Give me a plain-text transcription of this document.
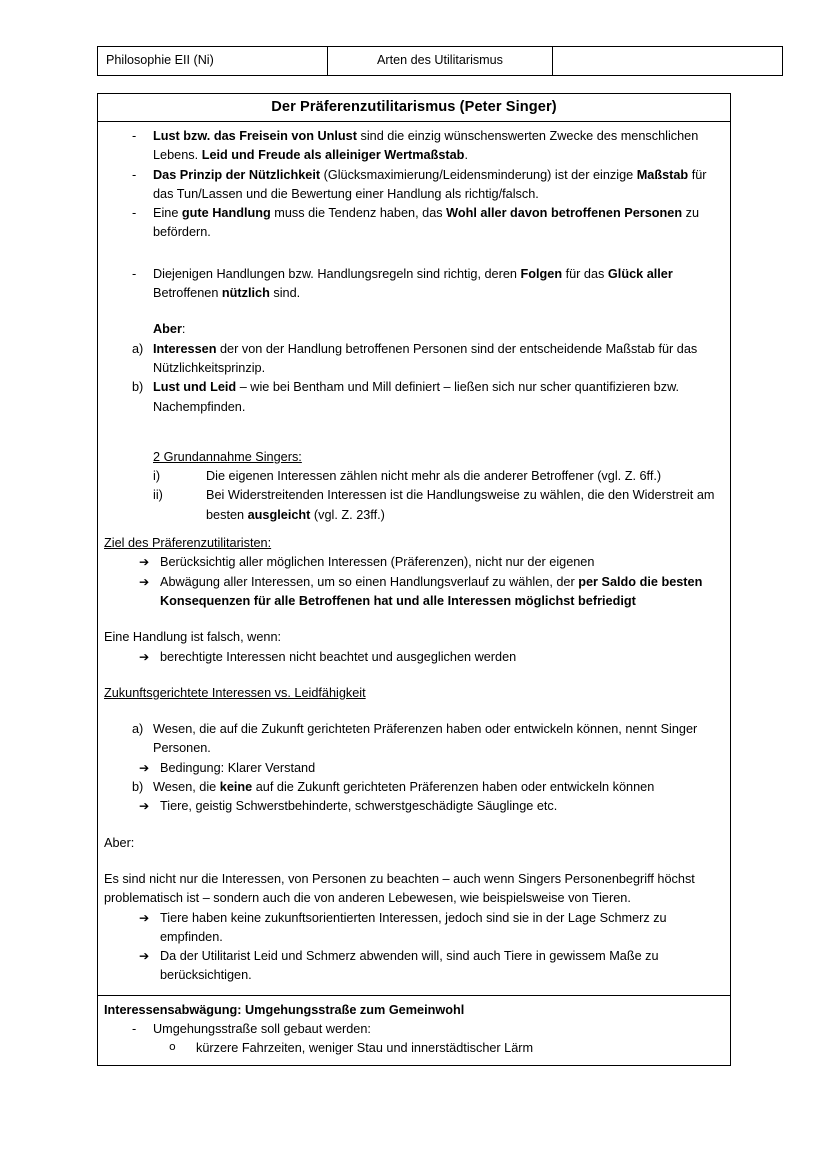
Philosophie EII (Ni)	Arten des Utilitarismus	
Der Präferenzutilitarismus (Peter Singer)
-	Lust bzw. das Freisein von Unlust sind die einzig wünschenswerten Zwecke des menschlichen Lebens. Leid und Freude als alleiniger Wertmaßstab.
-	Das Prinzip der Nützlichkeit (Glücksmaximierung/Leidensminderung) ist der einzige Maßstab für das Tun/Lassen und die Bewertung einer Handlung als richtig/falsch.
-	Eine gute Handlung muss die Tendenz haben, das Wohl aller davon betroffenen Personen zu befördern.
-	Diejenigen Handlungen bzw. Handlungsregeln sind richtig, deren Folgen für das Glück aller Betroffenen nützlich sind.
Aber:
a) Interessen der von der Handlung betroffenen Personen sind der entscheidende Maßstab für das Nützlichkeitsprinzip.
b) Lust und Leid – wie bei Bentham und Mill definiert – ließen sich nur scher quantifizieren bzw. Nachempfinden.
2 Grundannahme Singers:
i)	Die eigenen Interessen zählen nicht mehr als die anderer Betroffener (vgl. Z. 6ff.)
ii)	Bei Widerstreitenden Interessen ist die Handlungsweise zu wählen, die den Widerstreit am besten ausgleicht (vgl. Z. 23ff.)
Ziel des Präferenzutilitaristen:
➔ Berücksichtig aller möglichen Interessen (Präferenzen), nicht nur der eigenen
➔ Abwägung aller Interessen, um so einen Handlungsverlauf zu wählen, der per Saldo die besten Konsequenzen für alle Betroffenen hat und alle Interessen möglichst befriedigt
Eine Handlung ist falsch, wenn:
➔ berechtigte Interessen nicht beachtet und ausgeglichen werden
Zukunftsgerichtete Interessen vs. Leidfähigkeit
a) Wesen, die auf die Zukunft gerichteten Präferenzen haben oder entwickeln können, nennt Singer Personen.
➔ Bedingung: Klarer Verstand
b) Wesen, die keine auf die Zukunft gerichteten Präferenzen haben oder entwickeln können
➔ Tiere, geistig Schwerstbehinderte, schwerstgeschädigte Säuglinge etc.
Aber:
Es sind nicht nur die Interessen, von Personen zu beachten – auch wenn Singers Personenbegriff höchst problematisch ist – sondern auch die von anderen Lebewesen, wie beispielsweise von Tieren.
➔ Tiere haben keine zukunftsorientierten Interessen, jedoch sind sie in der Lage Schmerz zu empfinden.
➔ Da der Utilitarist Leid und Schmerz abwenden will, sind auch Tiere in gewissem Maße zu berücksichtigen.
Interessensabwägung: Umgehungsstraße zum Gemeinwohl
-	Umgehungsstraße soll gebaut werden:
o	kürzere Fahrzeiten, weniger Stau und innerstädtischer Lärm
